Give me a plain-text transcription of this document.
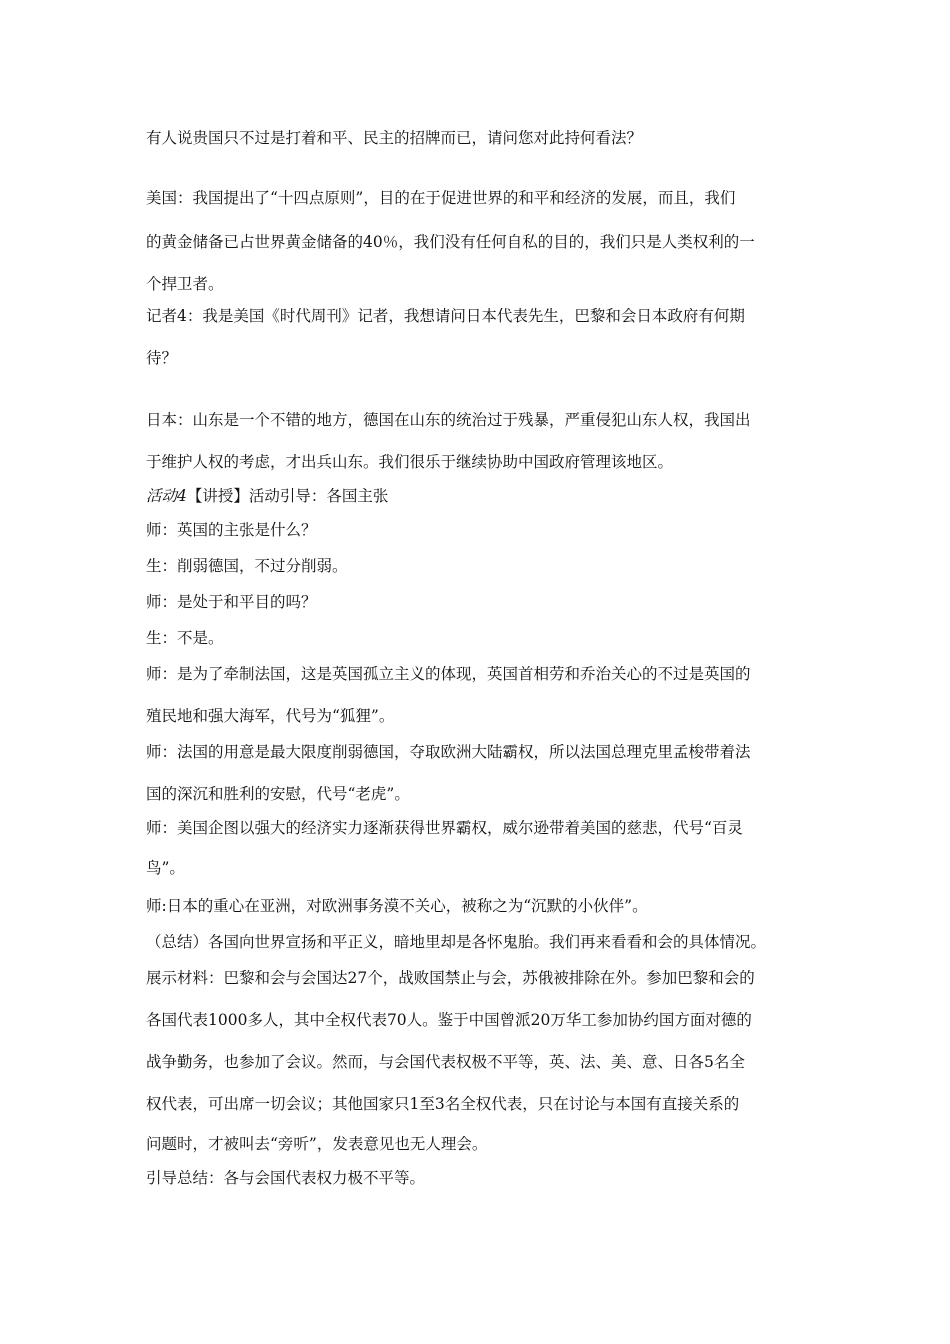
有人说贵国只不过是打着和平、民主的招牌而已，请问您对此持何看法？
美国：我国提出了“十四点原则”，目的在于促进世界的和平和经济的发展，而且，我们
的黄金储备已占世界黄金储备的40％，我们没有任何自私的目的，我们只是人类权利的一
个捍卫者。
记者4：我是美国《时代周刊》记者，我想请问日本代表先生，巴黎和会日本政府有何期
待？
日本：山东是一个不错的地方，德国在山东的统治过于残暴，严重侵犯山东人权，我国出
于维护人权的考虑，才出兵山东。我们很乐于继续协助中国政府管理该地区。
活动4【讲授】活动引导：各国主张
师：英国的主张是什么？
生：削弱德国，不过分削弱。
师：是处于和平目的吗？
生：不是。
师：是为了牵制法国，这是英国孤立主义的体现，英国首相劳和乔治关心的不过是英国的
殖民地和强大海军，代号为“狐狸”。
师：法国的用意是最大限度削弱德国，夺取欧洲大陆霸权，所以法国总理克里孟梭带着法
国的深沉和胜利的安慰，代号“老虎”。
师：美国企图以强大的经济实力逐渐获得世界霸权，威尔逊带着美国的慈悲，代号“百灵
鸟”。
师:日本的重心在亚洲，对欧洲事务漠不关心，被称之为“沉默的小伙伴”。
（总结）各国向世界宣扬和平正义，暗地里却是各怀鬼胎。我们再来看看和会的具体情况。
展示材料：巴黎和会与会国达27个，战败国禁止与会，苏俄被排除在外。参加巴黎和会的
各国代表1000多人，其中全权代表70人。鉴于中国曾派20万华工参加协约国方面对德的
战争勤务，也参加了会议。然而，与会国代表权极不平等，英、法、美、意、日各5名全
权代表，可出席一切会议；其他国家只1至3名全权代表，只在讨论与本国有直接关系的
问题时，才被叫去“旁听”，发表意见也无人理会。
引导总结：各与会国代表权力极不平等。
